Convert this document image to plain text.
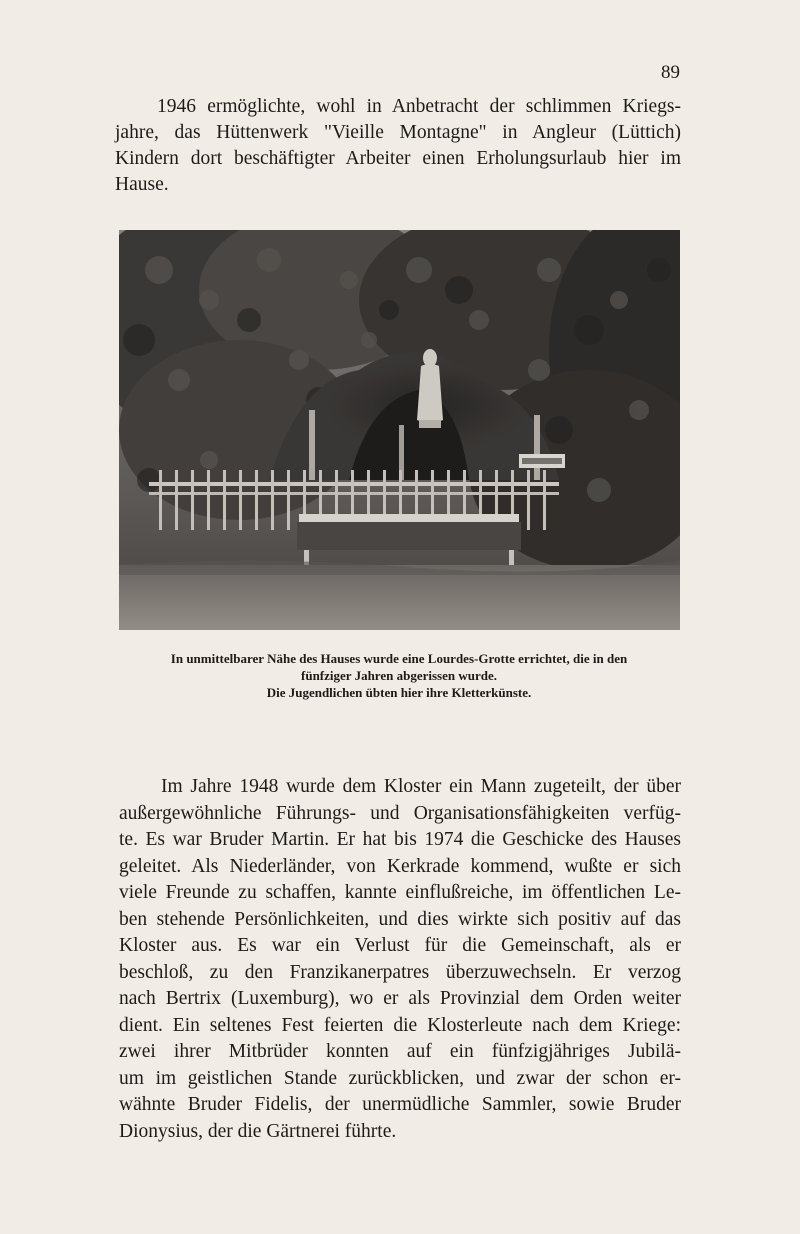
89
1946 ermöglichte, wohl in Anbetracht der schlimmen Kriegs-
jahre, das Hüttenwerk "Vieille Montagne" in Angleur (Lüttich)
Kindern dort beschäftigter Arbeiter einen Erholungsurlaub hier im
Hause.
In unmittelbarer Nähe des Hauses wurde eine Lourdes-Grotte errichtet, die in den
fünfziger Jahren abgerissen wurde.
Die Jugendlichen übten hier ihre Kletterkünste.
Im Jahre 1948 wurde dem Kloster ein Mann zugeteilt, der über
außergewöhnliche Führungs- und Organisationsfähigkeiten verfüg-
te. Es war Bruder Martin. Er hat bis 1974 die Geschicke des Hauses
geleitet. Als Niederländer, von Kerkrade kommend, wußte er sich
viele Freunde zu schaffen, kannte einflußreiche, im öffentlichen Le-
ben stehende Persönlichkeiten, und dies wirkte sich positiv auf das
Kloster aus. Es war ein Verlust für die Gemeinschaft, als er
beschloß, zu den Franzikanerpatres überzuwechseln. Er verzog
nach Bertrix (Luxemburg), wo er als Provinzial dem Orden weiter
dient. Ein seltenes Fest feierten die Klosterleute nach dem Kriege:
zwei ihrer Mitbrüder konnten auf ein fünfzigjähriges Jubilä-
um im geistlichen Stande zurückblicken, und zwar der schon er-
wähnte Bruder Fidelis, der unermüdliche Sammler, sowie Bruder
Dionysius, der die Gärtnerei führte.
